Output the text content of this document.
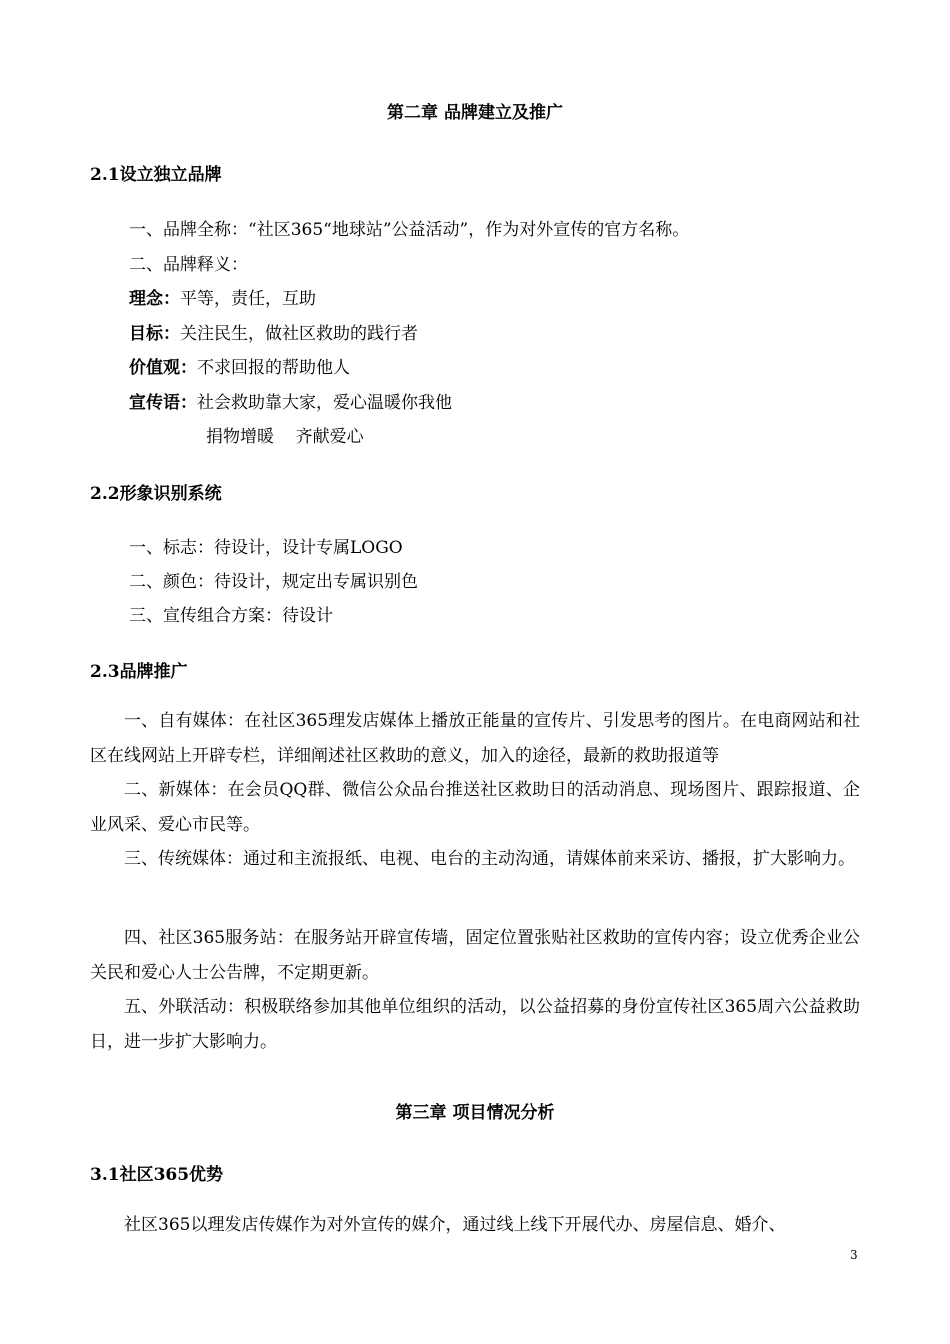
第二章 品牌建立及推广
2.1设立独立品牌
一、品牌全称：“社区365“地球站”公益活动”，作为对外宣传的官方名称。
二、品牌释义：
理念：平等，责任，互助
目标：关注民生，做社区救助的践行者
价值观：不求回报的帮助他人
宣传语：社会救助靠大家，爱心温暖你我他
捐物增暖    齐献爱心
2.2形象识别系统
一、标志：待设计，设计专属LOGO
二、颜色：待设计，规定出专属识别色
三、宣传组合方案：待设计
2.3品牌推广
一、自有媒体：在社区365理发店媒体上播放正能量的宣传片、引发思考的图片。在电商网站和社区在线网站上开辟专栏，详细阐述社区救助的意义，加入的途径，最新的救助报道等
二、新媒体：在会员QQ群、微信公众品台推送社区救助日的活动消息、现场图片、跟踪报道、企业风采、爱心市民等。
三、传统媒体：通过和主流报纸、电视、电台的主动沟通，请媒体前来采访、播报，扩大影响力。
四、社区365服务站：在服务站开辟宣传墙，固定位置张贴社区救助的宣传内容；设立优秀企业公关民和爱心人士公告牌，不定期更新。
五、外联活动：积极联络参加其他单位组织的活动，以公益招募的身份宣传社区365周六公益救助日，进一步扩大影响力。
第三章 项目情况分析
3.1社区365优势
社区365以理发店传媒作为对外宣传的媒介，通过线上线下开展代办、房屋信息、婚介、
3
